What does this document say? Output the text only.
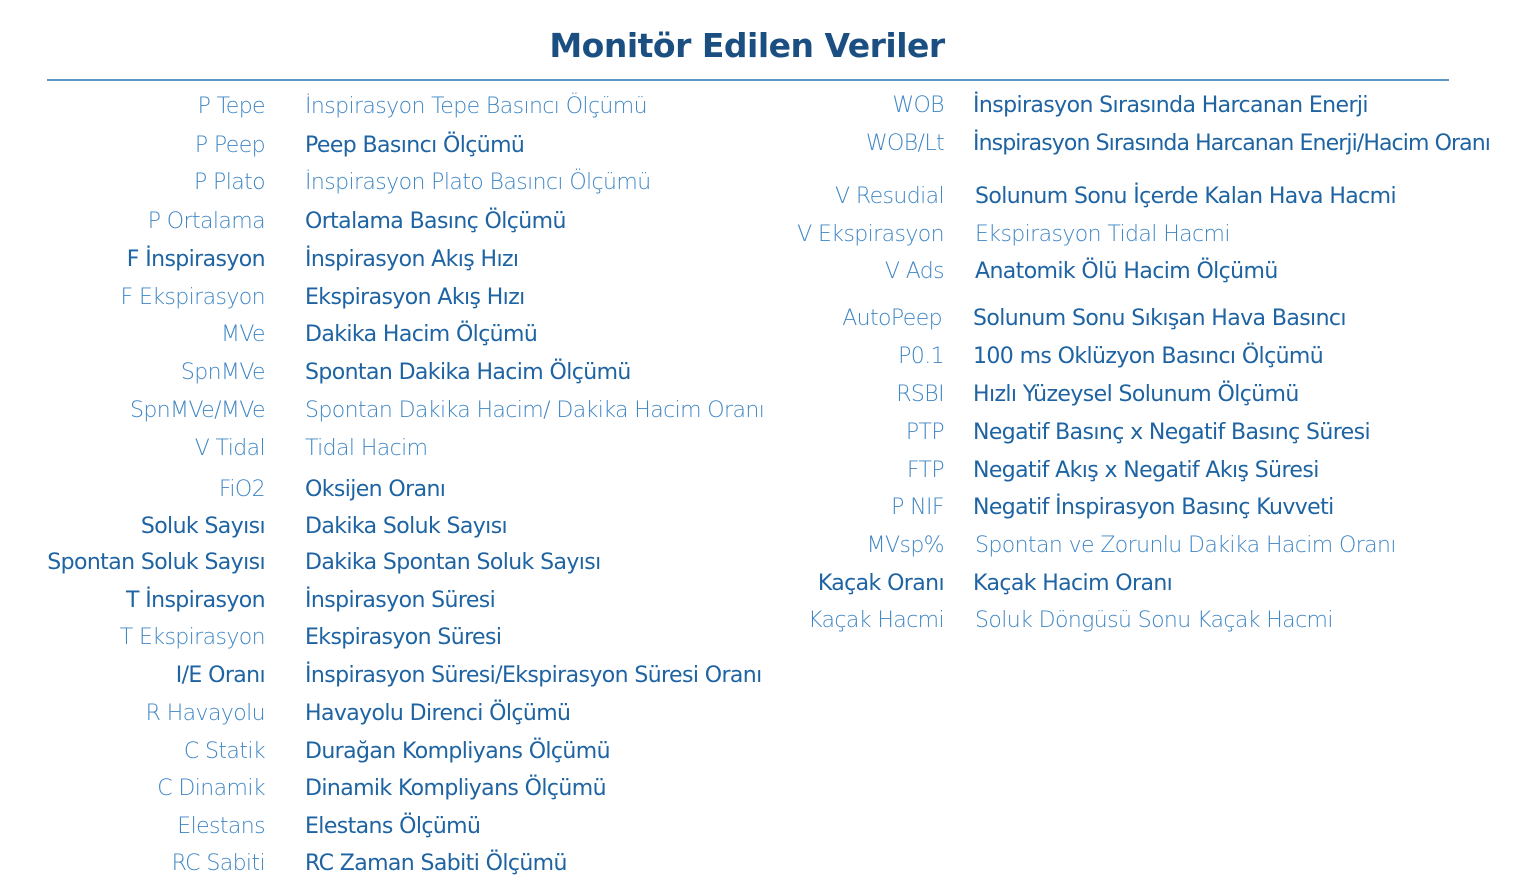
Monitör Edilen Veriler
P Tepe İnspirasyon Tepe Basıncı Ölçümü
P Peep Peep Basıncı Ölçümü
P Plato İnspirasyon Plato Basıncı Ölçümü
P Ortalama Ortalama Basınç Ölçümü
F İnspirasyon İnspirasyon Akış Hızı
F Ekspirasyon Ekspirasyon Akış Hızı
MVe Dakika Hacim Ölçümü
SpnMVe Spontan Dakika Hacim Ölçümü
SpnMVe/MVe Spontan Dakika Hacim/ Dakika Hacim Oranı
V Tidal Tidal Hacim
FiO2 Oksijen Oranı
Soluk Sayısı Dakika Soluk Sayısı
Spontan Soluk Sayısı Dakika Spontan Soluk Sayısı
T İnspirasyon İnspirasyon Süresi
T Ekspirasyon Ekspirasyon Süresi
I/E Oranı İnspirasyon Süresi/Ekspirasyon Süresi Oranı
R Havayolu Havayolu Direnci Ölçümü
C Statik Durağan Kompliyans Ölçümü
C Dinamik Dinamik Kompliyans Ölçümü
Elestans Elestans Ölçümü
RC Sabiti RC Zaman Sabiti Ölçümü
WOB İnspirasyon Sırasında Harcanan Enerji
WOB/Lt İnspirasyon Sırasında Harcanan Enerji/Hacim Oranı
V Resudial Solunum Sonu İçerde Kalan Hava Hacmi
V Ekspirasyon Ekspirasyon Tidal Hacmi
V Ads Anatomik Ölü Hacim Ölçümü
AutoPeep Solunum Sonu Sıkışan Hava Basıncı
P0.1 100 ms Oklüzyon Basıncı Ölçümü
RSBI Hızlı Yüzeysel Solunum Ölçümü
PTP Negatif Basınç x Negatif Basınç Süresi
FTP Negatif Akış x Negatif Akış Süresi
P NIF Negatif İnspirasyon Basınç Kuvveti
MVsp% Spontan ve Zorunlu Dakika Hacim Oranı
Kaçak Oranı Kaçak Hacim Oranı
Kaçak Hacmi Soluk Döngüsü Sonu Kaçak Hacmi
